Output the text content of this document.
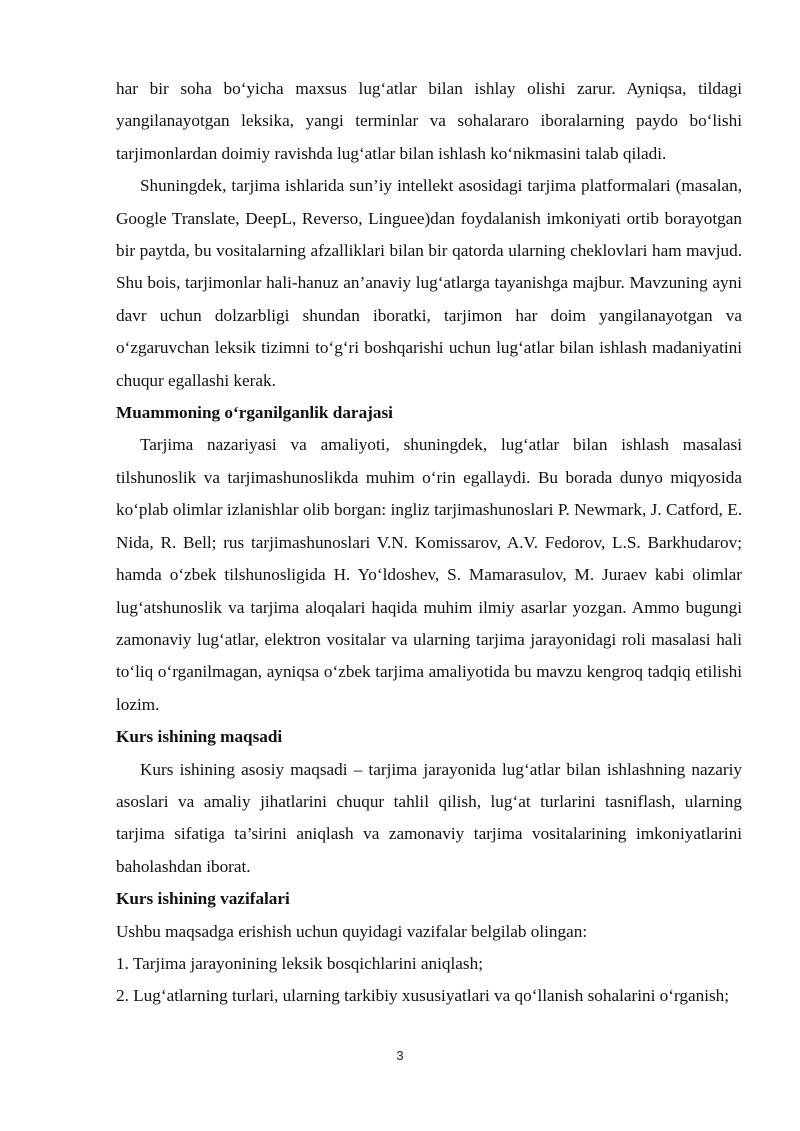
har bir soha bo‘yicha maxsus lug‘atlar bilan ishlay olishi zarur. Ayniqsa, tildagi yangilanayotgan leksika, yangi terminlar va sohalararo iboralarning paydo bo‘lishi tarjimonlardan doimiy ravishda lug‘atlar bilan ishlash ko‘nikmasini talab qiladi.

Shuningdek, tarjima ishlarida sun’iy intellekt asosidagi tarjima platformalari (masalan, Google Translate, DeepL, Reverso, Linguee)dan foydalanish imkoniyati ortib borayotgan bir paytda, bu vositalarning afzalliklari bilan bir qatorda ularning cheklovlari ham mavjud. Shu bois, tarjimonlar hali-hanuz an’anaviy lug‘atlarga tayanishga majbur. Mavzuning ayni davr uchun dolzarbligi shundan iboratki, tarjimon har doim yangilanayotgan va o‘zgaruvchan leksik tizimni to‘g‘ri boshqarishi uchun lug‘atlar bilan ishlash madaniyatini chuqur egallashi kerak.

Muammoning o‘rganilganlik darajasi

Tarjima nazariyasi va amaliyoti, shuningdek, lug‘atlar bilan ishlash masalasi tilshunoslik va tarjimashunoslikda muhim o‘rin egallaydi. Bu borada dunyo miqyosida ko‘plab olimlar izlanishlar olib borgan: ingliz tarjimashunoslari P. Newmark, J. Catford, E. Nida, R. Bell; rus tarjimashunoslari V.N. Komissarov, A.V. Fedorov, L.S. Barkhudarov; hamda o‘zbek tilshunosligida H. Yo‘ldoshev, S. Mamarasulov, M. Juraev kabi olimlar lug‘atshunoslik va tarjima aloqalari haqida muhim ilmiy asarlar yozgan. Ammo bugungi zamonaviy lug‘atlar, elektron vositalar va ularning tarjima jarayonidagi roli masalasi hali to‘liq o‘rganilmagan, ayniqsa o‘zbek tarjima amaliyotida bu mavzu kengroq tadqiq etilishi lozim.

Kurs ishining maqsadi

Kurs ishining asosiy maqsadi – tarjima jarayonida lug‘atlar bilan ishlashning nazariy asoslari va amaliy jihatlarini chuqur tahlil qilish, lug‘at turlarini tasniflash, ularning tarjima sifatiga ta’sirini aniqlash va zamonaviy tarjima vositalarining imkoniyatlarini baholashdan iborat.

Kurs ishining vazifalari

Ushbu maqsadga erishish uchun quyidagi vazifalar belgilab olingan:

1. Tarjima jarayonining leksik bosqichlarini aniqlash;

2. Lug‘atlarning turlari, ularning tarkibiy xususiyatlari va qo‘llanish sohalarini o‘rganish;

3
